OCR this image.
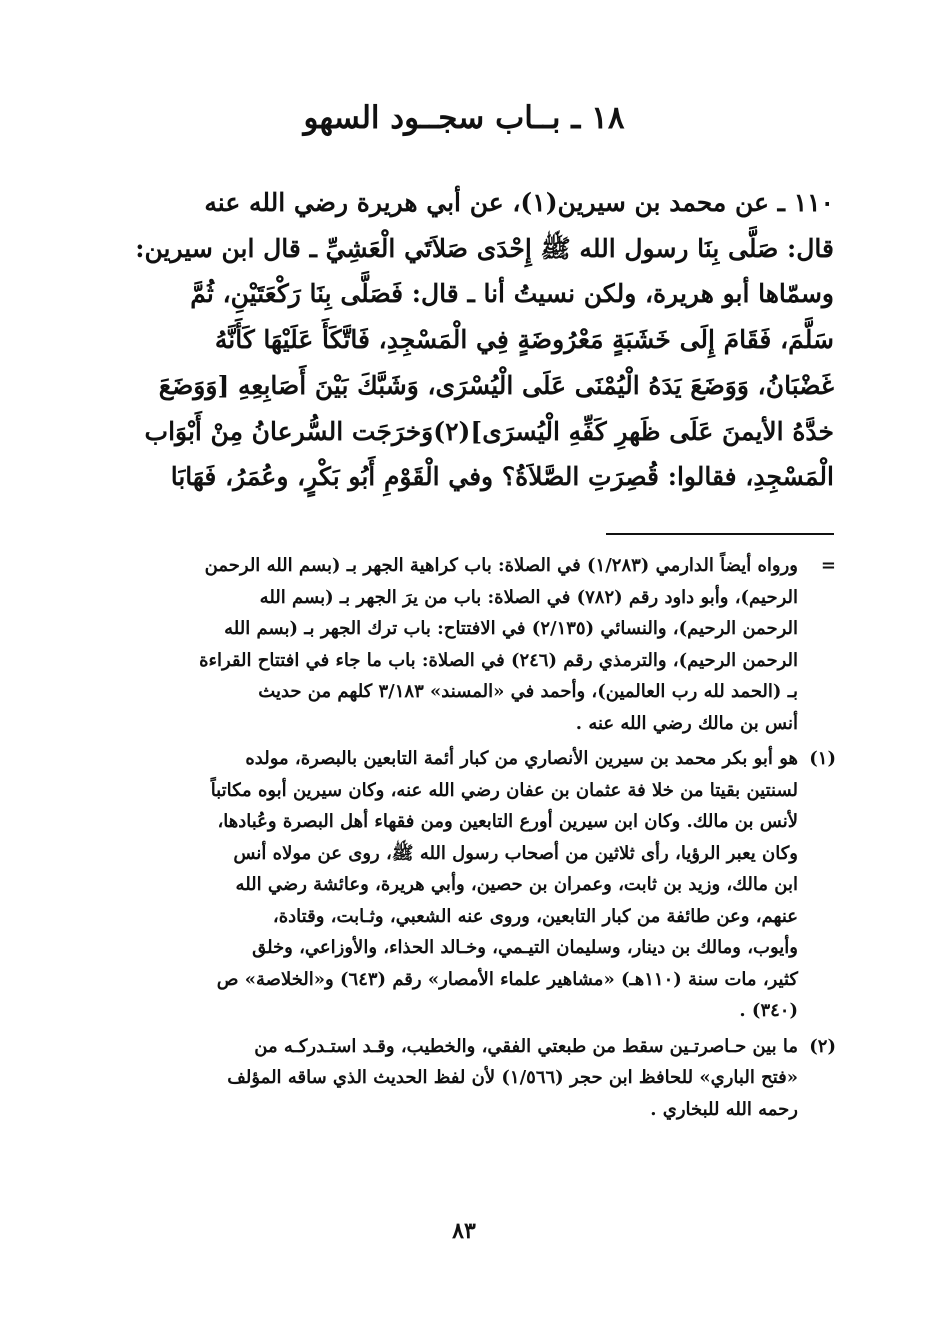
١٨ ـ بــاب سجــود السهو
١١٠ ـ عن محمد بن سيرين(١)، عن أبي هريرة رضي الله عنه
قال: صَلَّى بِنَا رسول الله ﷺ إِحْدَى صَلاَتَي الْعَشِيِّ ـ قال ابن سيرين:
وسمّاها أبو هريرة، ولكن نسيتُ أنا ـ قال: فَصَلَّى بِنَا رَكْعَتَيْنِ، ثُمَّ
سَلَّمَ، فَقَامَ إِلَى خَشَبَةٍ مَعْرُوضَةٍ فِي الْمَسْجِدِ، فَاتَّكَأَ عَلَيْهَا كَأَنَّهُ
غَضْبَانُ، وَوَضَعَ يَدَهُ الْيُمْنَى عَلَى الْيُسْرَى، وَشَبَّكَ بَيْنَ أَصَابِعِهِ [وَوَضَعَ
خدَّهُ الأيمنَ عَلَى ظَهرِ كَفِّهِ الْيُسرَى](٢)وَخرَجَت السُّرعانُ مِنْ أَبْوَاب
الْمَسْجِدِ، فقالوا: قُصِرَتِ الصَّلاَةُ؟ وفي الْقَوْمِ أَبُو بَكْرٍ، وعُمَرُ، فَهَابَا
=
ورواه أيضاً الدارمي (١/٢٨٣) في الصلاة: باب كراهية الجهر بـ (بسم الله الرحمن
الرحيم)، وأبو داود رقم (٧٨٢) في الصلاة: باب من يرَ الجهر بـ (بسم الله
الرحمن الرحيم)، والنسائي (٢/١٣٥) في الافتتاح: باب ترك الجهر بـ (بسم الله
الرحمن الرحيم)، والترمذي رقم (٢٤٦) في الصلاة: باب ما جاء في افتتاح القراءة
بـ (الحمد لله رب العالمين)، وأحمد في «المسند» ٣/١٨٣ كلهم من حديث
أنس بن مالك رضي الله عنه .
(١)
هو أبو بكر محمد بن سيرين الأنصاري من كبار أئمة التابعين بالبصرة، مولده
لسنتين بقيتا من خلا فة عثمان بن عفان رضي الله عنه، وكان سيرين أبوه مكاتباً
لأنس بن مالك. وكان ابن سيرين أورع التابعين ومن فقهاء أهل البصرة وعُبادها،
وكان يعبر الرؤيا، رأى ثلاثين من أصحاب رسول الله ﷺ، روى عن مولاه أنس
ابن مالك، وزيد بن ثابت، وعمران بن حصين، وأبي هريرة، وعائشة رضي الله
عنهم، وعن طائفة من كبار التابعين، وروى عنه الشعبي، وثـابت، وقتادة،
وأيوب، ومالك بن دينار، وسليمان التيـمي، وخـالد الحذاء، والأوزاعي، وخلق
كثير، مات سنة (١١٠هـ) «مشاهير علماء الأمصار» رقم (٦٤٣) و«الخلاصة» ص
(٣٤٠) .
(٢)
ما بين حـاصرتـين سقط من طبعتي الفقي، والخطيب، وقـد استـدركـه من
«فتح الباري» للحافظ ابن حجر (١/٥٦٦) لأن لفظ الحديث الذي ساقه المؤلف
رحمه الله للبخاري .
٨٣
